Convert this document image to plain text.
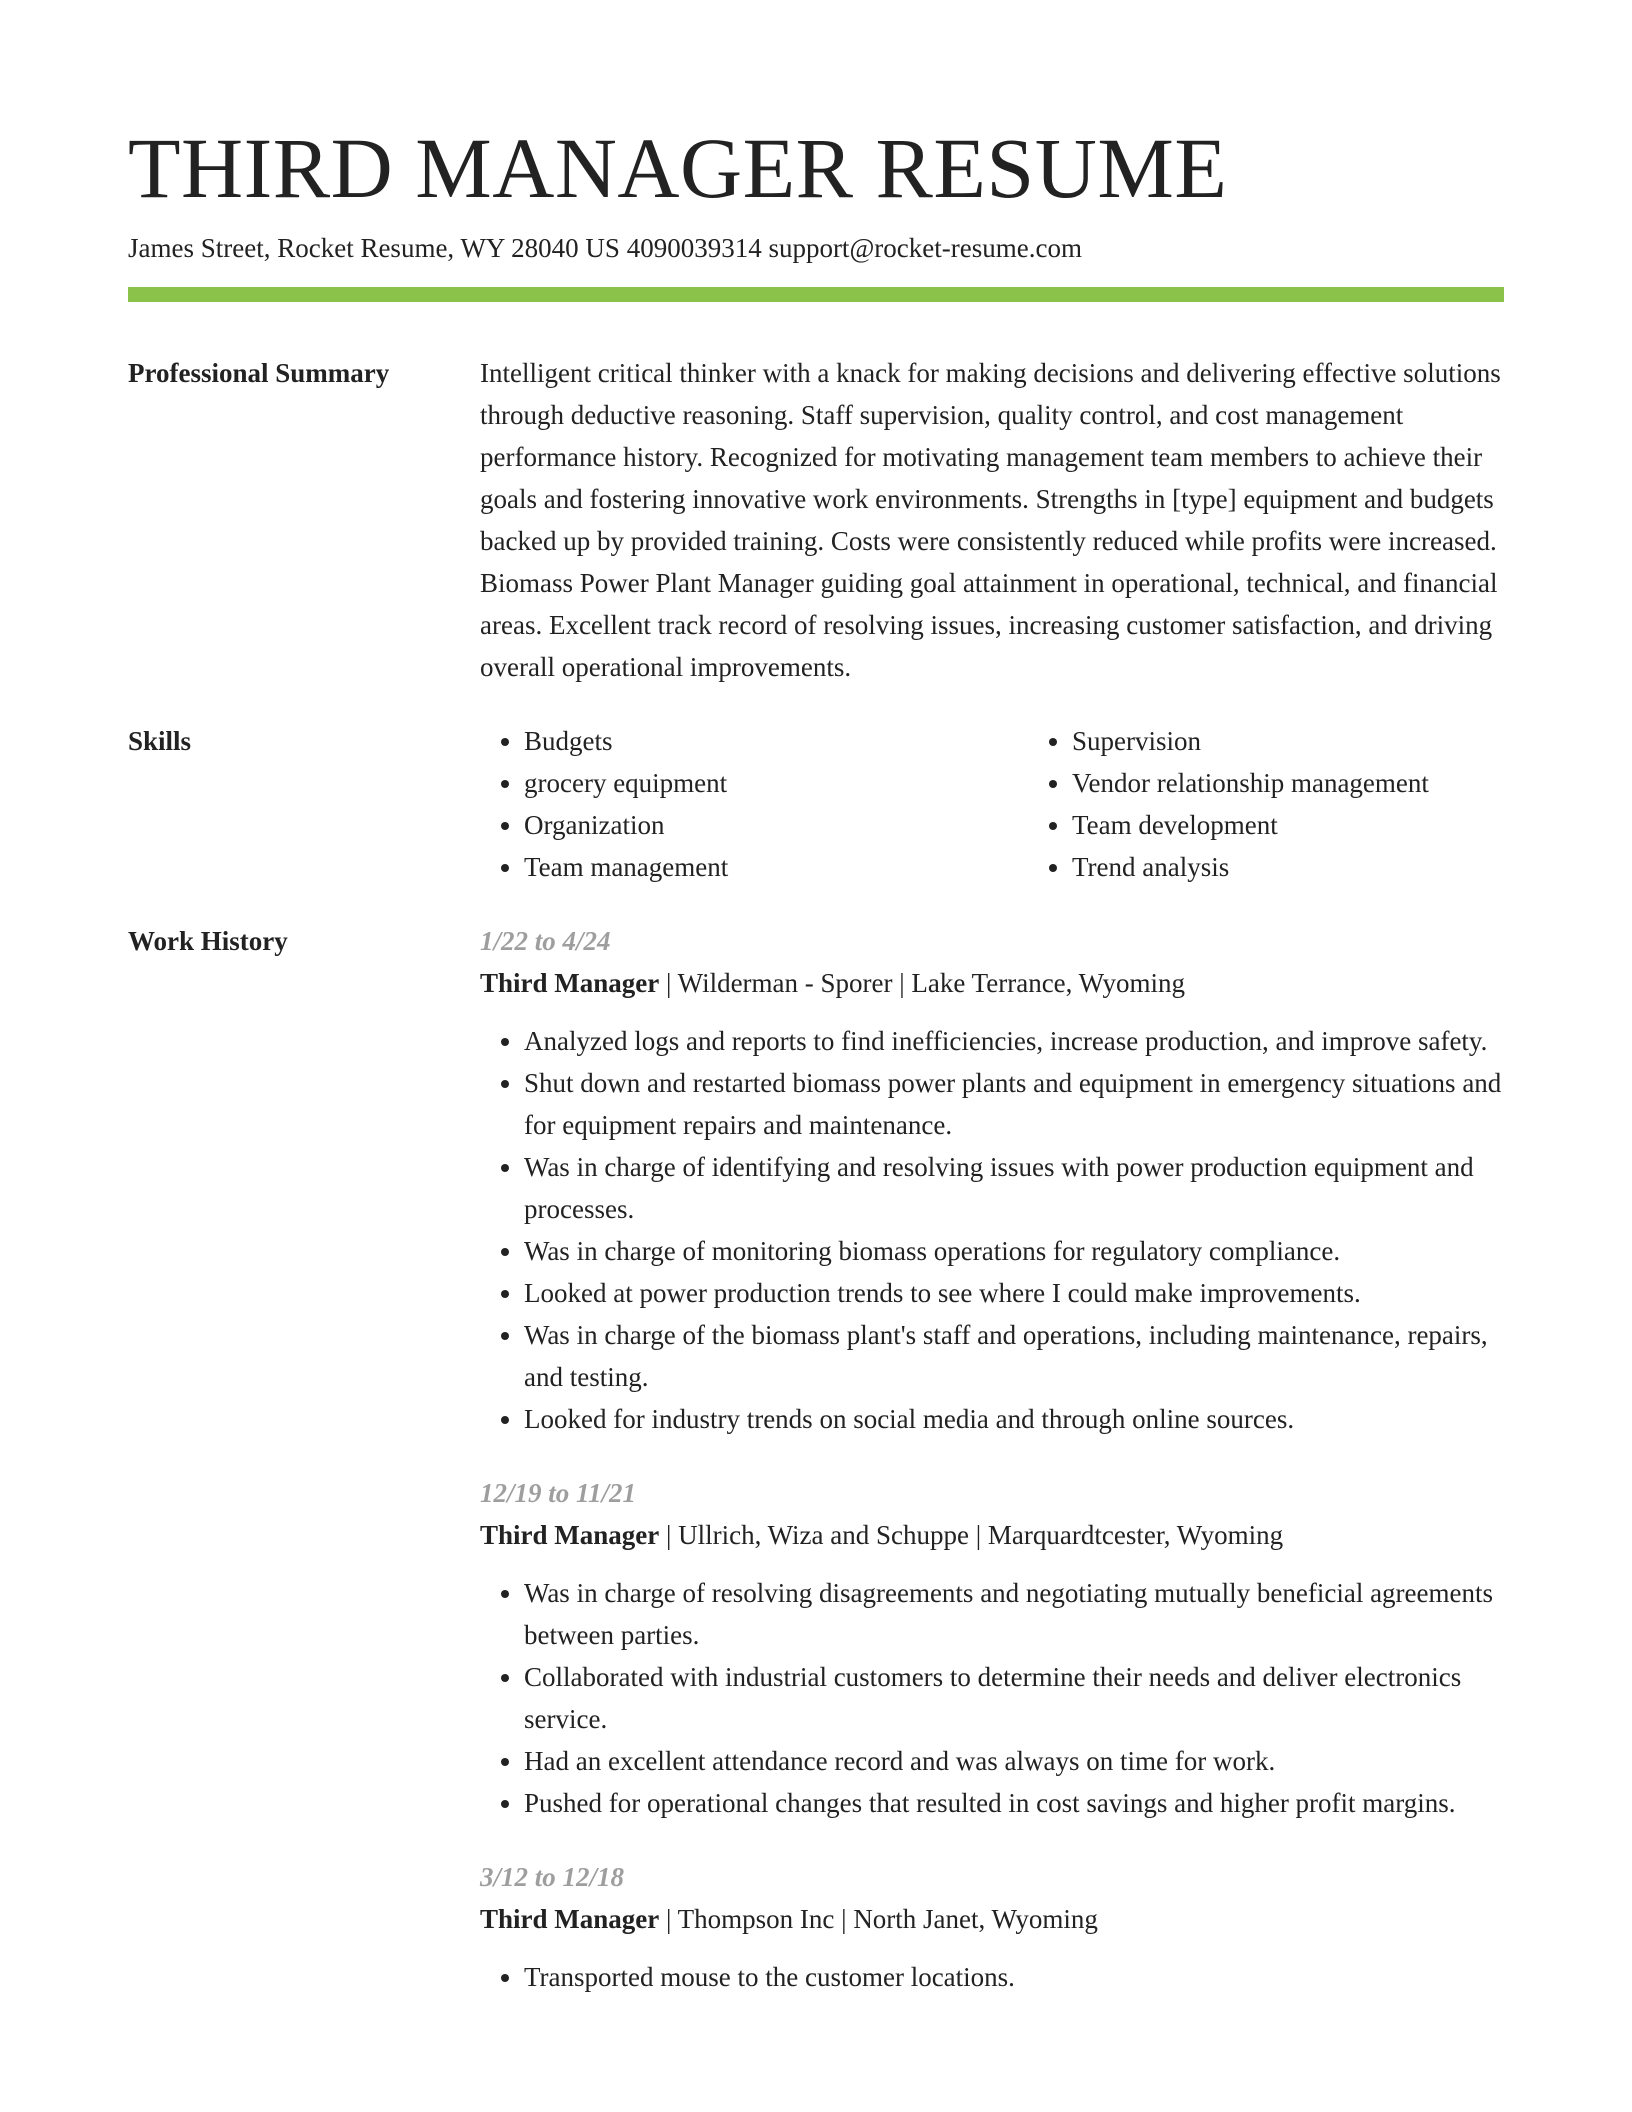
THIRD MANAGER RESUME
James Street, Rocket Resume, WY 28040 US 4090039314 support@rocket-resume.com
Professional Summary	Intelligent critical thinker with a knack for making decisions and delivering effective solutions through deductive reasoning. Staff supervision, quality control, and cost management performance history. Recognized for motivating management team members to achieve their goals and fostering innovative work environments. Strengths in [type] equipment and budgets backed up by provided training. Costs were consistently reduced while profits were increased. Biomass Power Plant Manager guiding goal attainment in operational, technical, and financial areas. Excellent track record of resolving issues, increasing customer satisfaction, and driving overall operational improvements.

Skills
•	Budgets
• grocery equipment
• Organization
• Team management
• Supervision
• Vendor relationship management
• Team development
• Trend analysis
Work History	1/22 to 4/24
Third Manager | Wilderman - Sporer | Lake Terrance, Wyoming
• Analyzed logs and reports to find inefficiencies, increase production, and improve safety.
• Shut down and restarted biomass power plants and equipment in emergency situations and for equipment repairs and maintenance.
• Was in charge of identifying and resolving issues with power production equipment and processes.
• Was in charge of monitoring biomass operations for regulatory compliance.
• Looked at power production trends to see where I could make improvements.
• Was in charge of the biomass plant's staff and operations, including maintenance, repairs, and testing.
• Looked for industry trends on social media and through online sources.
12/19 to 11/21
Third Manager | Ullrich, Wiza and Schuppe | Marquardtcester, Wyoming
• Was in charge of resolving disagreements and negotiating mutually beneficial agreements between parties.
• Collaborated with industrial customers to determine their needs and deliver electronics service.
• Had an excellent attendance record and was always on time for work.
• Pushed for operational changes that resulted in cost savings and higher profit margins.
3/12 to 12/18
Third Manager | Thompson Inc | North Janet, Wyoming
• Transported mouse to the customer locations.
